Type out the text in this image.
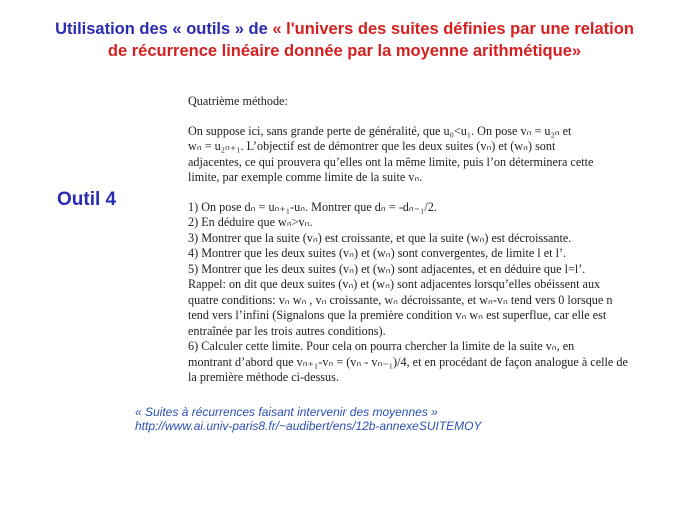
Utilisation des « outils » de « l'univers des suites définies par une relation
de récurrence linéaire donnée par la moyenne arithmétique»
Outil 4

Quatrième méthode:

On suppose ici, sans grande perte de généralité, que u₀<u₁. On pose vₙ = u₂ₙ et

wₙ = u₂ₙ₊₁. L’objectif est de démontrer que les deux suites (vₙ) et (wₙ) sont

adjacentes, ce qui prouvera qu’elles ont la même limite, puis l’on déterminera cette

limite, par exemple comme limite de la suite vₙ.

1) On pose dₙ = uₙ₊₁-uₙ. Montrer que dₙ = -dₙ₋₁/2.

2) En déduire que wₙ>vₙ.

3) Montrer que la suite (vₙ) est croissante, et que la suite (wₙ) est décroissante.

4) Montrer que les deux suites (vₙ) et (wₙ) sont convergentes, de limite l et l’.

5) Montrer que les deux suites (vₙ) et (wₙ) sont adjacentes, et en déduire que l=l’.

Rappel: on dit que deux suites (vₙ) et (wₙ) sont adjacentes lorsqu’elles obéissent aux

quatre conditions: vₙ wₙ , vₙ croissante, wₙ décroissante, et wₙ-vₙ tend vers 0 lorsque n

tend vers l’infini (Signalons que la première condition vₙ wₙ est superflue, car elle est

entraînée par les trois autres conditions).

6) Calculer cette limite. Pour cela on pourra chercher la limite de la suite vₙ, en

montrant d’abord que vₙ₊₁-vₙ = (vₙ - vₙ₋₁)/4, et en procédant de façon analogue à celle de

la première méthode ci-dessus.

« Suites à récurrences faisant intervenir des moyennes »
http://www.ai.univ-paris8.fr/~audibert/ens/12b-annexeSUITEMOY
